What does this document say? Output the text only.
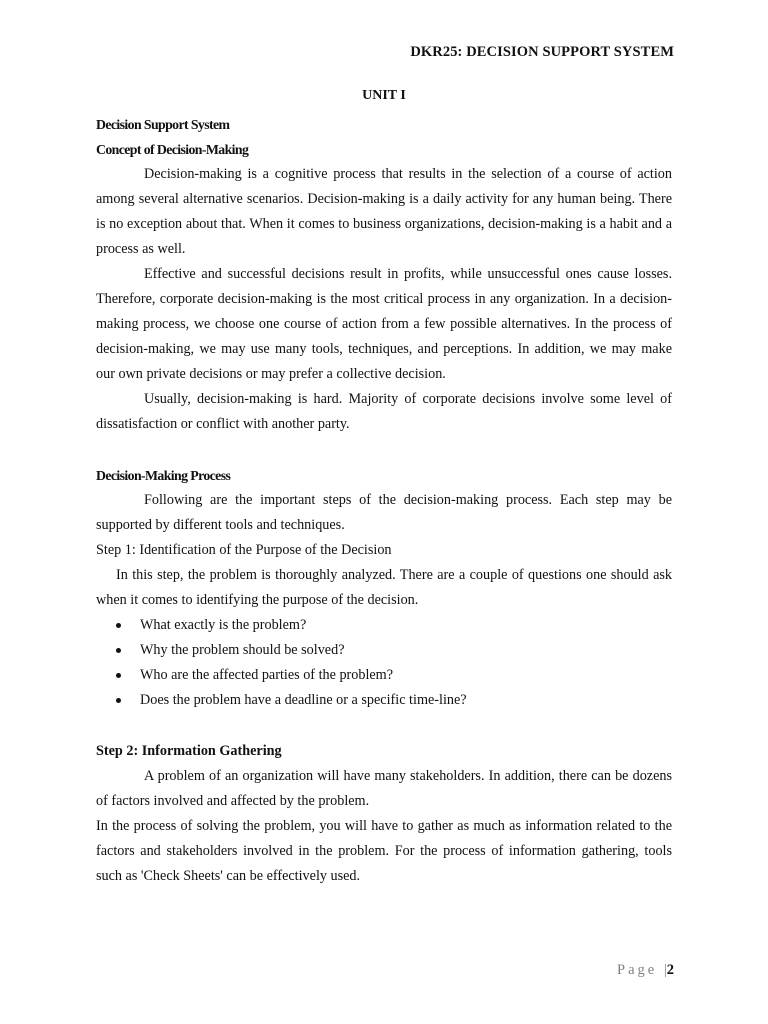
DKR25: DECISION SUPPORT SYSTEM
UNIT I
Decision Support System
Concept of Decision-Making

Decision-making is a cognitive process that results in the selection of a course of action among several alternative scenarios. Decision-making is a daily activity for any human being. There is no exception about that. When it comes to business organizations, decision-making is a habit and a process as well.

Effective and successful decisions result in profits, while unsuccessful ones cause losses. Therefore, corporate decision-making is the most critical process in any organization. In a decision-making process, we choose one course of action from a few possible alternatives. In the process of decision-making, we may use many tools, techniques, and perceptions. In addition, we may make our own private decisions or may prefer a collective decision.

Usually, decision-making is hard. Majority of corporate decisions involve some level of dissatisfaction or conflict with another party.

Decision-Making Process

Following are the important steps of the decision-making process. Each step may be supported by different tools and techniques.

Step 1: Identification of the Purpose of the Decision

In this step, the problem is thoroughly analyzed. There are a couple of questions one should ask when it comes to identifying the purpose of the decision.

What exactly is the problem?
Why the problem should be solved?
Who are the affected parties of the problem?
Does the problem have a deadline or a specific time-line?
Step 2: Information Gathering

A problem of an organization will have many stakeholders. In addition, there can be dozens of factors involved and affected by the problem.

In the process of solving the problem, you will have to gather as much as information related to the factors and stakeholders involved in the problem. For the process of information gathering, tools such as 'Check Sheets' can be effectively used.

Page |2
